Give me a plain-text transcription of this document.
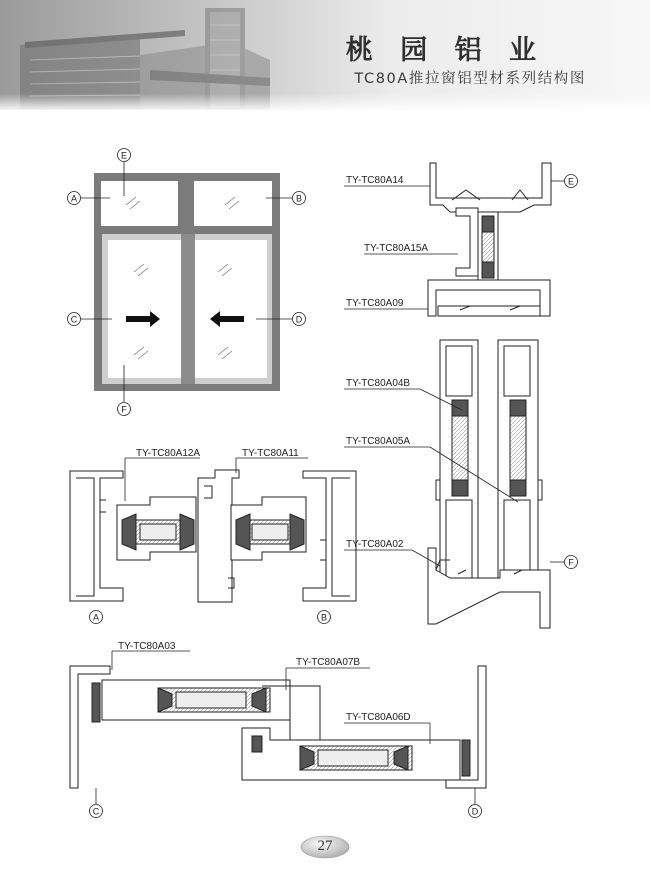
桃 园 铝 业
TC80A推拉窗铝型材系列结构图
E
A	B
C	D
F
TY-TC80A12A	TY-TC80A11
A	B
TY-TC80A14
TY-TC80A15A
TY-TC80A09
TY-TC80A04B
TY-TC80A05A
TY-TC80A02
E
F
TY-TC80A03
TY-TC80A07B
TY-TC80A06D
C	D
27
